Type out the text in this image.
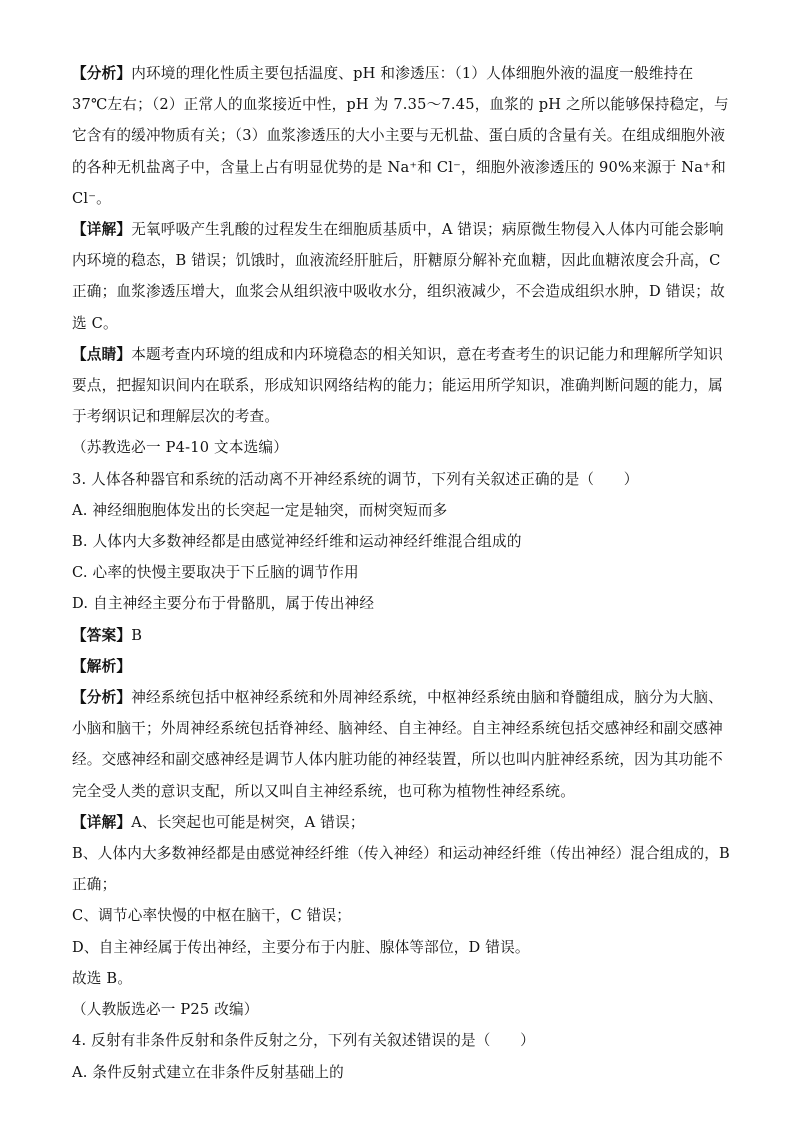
【分析】内环境的理化性质主要包括温度、pH 和渗透压：（1）人体细胞外液的温度一般维持在 37℃左右；（2）正常人的血浆接近中性，pH 为 7.35～7.45，血浆的 pH 之所以能够保持稳定，与它含有的缓冲物质有关；（3）血浆渗透压的大小主要与无机盐、蛋白质的含量有关。在组成细胞外液的各种无机盐离子中，含量上占有明显优势的是 Na⁺和 Cl⁻，细胞外液渗透压的 90%来源于 Na⁺和 Cl⁻。

【详解】无氧呼吸产生乳酸的过程发生在细胞质基质中，A 错误；病原微生物侵入人体内可能会影响内环境的稳态，B 错误；饥饿时，血液流经肝脏后，肝糖原分解补充血糖，因此血糖浓度会升高，C 正确；血浆渗透压增大，血浆会从组织液中吸收水分，组织液减少，不会造成组织水肿，D 错误；故选 C。

【点睛】本题考查内环境的组成和内环境稳态的相关知识，意在考查考生的识记能力和理解所学知识要点，把握知识间内在联系，形成知识网络结构的能力；能运用所学知识，准确判断问题的能力，属于考纲识记和理解层次的考查。

（苏教选必一 P4-10 文本选编）

3. 人体各种器官和系统的活动离不开神经系统的调节，下列有关叙述正确的是（　　）

A. 神经细胞胞体发出的长突起一定是轴突，而树突短而多

B. 人体内大多数神经都是由感觉神经纤维和运动神经纤维混合组成的

C. 心率的快慢主要取决于下丘脑的调节作用

D. 自主神经主要分布于骨骼肌，属于传出神经

【答案】B

【解析】

【分析】神经系统包括中枢神经系统和外周神经系统，中枢神经系统由脑和脊髓组成，脑分为大脑、小脑和脑干；外周神经系统包括脊神经、脑神经、自主神经。自主神经系统包括交感神经和副交感神经。交感神经和副交感神经是调节人体内脏功能的神经装置，所以也叫内脏神经系统，因为其功能不完全受人类的意识支配，所以又叫自主神经系统，也可称为植物性神经系统。

【详解】A、长突起也可能是树突，A 错误；

B、人体内大多数神经都是由感觉神经纤维（传入神经）和运动神经纤维（传出神经）混合组成的，B 正确；

C、调节心率快慢的中枢在脑干，C 错误；

D、自主神经属于传出神经，主要分布于内脏、腺体等部位，D 错误。

故选 B。

（人教版选必一 P25 改编）

4. 反射有非条件反射和条件反射之分，下列有关叙述错误的是（　　）

A. 条件反射式建立在非条件反射基础上的
